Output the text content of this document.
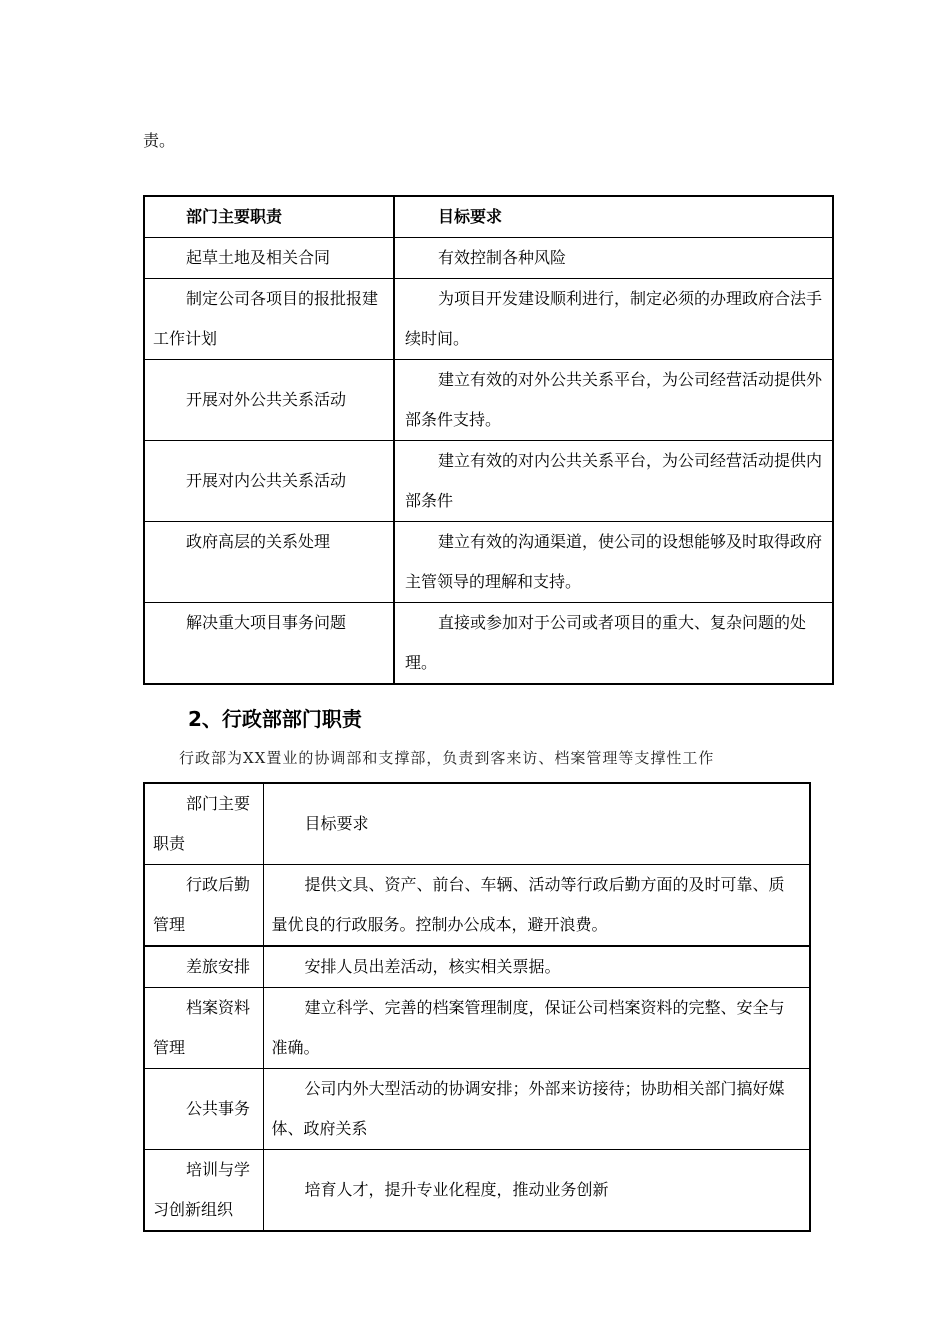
责。
部门主要职责	目标要求
起草土地及相关合同	有效控制各种风险
制定公司各项目的报批报建工作计划	为项目开发建设顺利进行，制定必须的办理政府合法手续时间。
开展对外公共关系活动	建立有效的对外公共关系平台，为公司经营活动提供外部条件支持。
开展对内公共关系活动	建立有效的对内公共关系平台，为公司经营活动提供内部条件
政府高层的关系处理	建立有效的沟通渠道，使公司的设想能够及时取得政府主管领导的理解和支持。
解决重大项目事务问题	直接或参加对于公司或者项目的重大、复杂问题的处理。
2、行政部部门职责
行政部为XX置业的协调部和支撑部，负责到客来访、档案管理等支撑性工作
部门主要职责	目标要求
行政后勤管理	提供文具、资产、前台、车辆、活动等行政后勤方面的及时可靠、质量优良的行政服务。控制办公成本，避开浪费。
差旅安排	安排人员出差活动，核实相关票据。
档案资料管理	建立科学、完善的档案管理制度，保证公司档案资料的完整、安全与准确。
公共事务	公司内外大型活动的协调安排；外部来访接待；协助相关部门搞好媒体、政府关系
培训与学习创新组织	培育人才，提升专业化程度，推动业务创新
